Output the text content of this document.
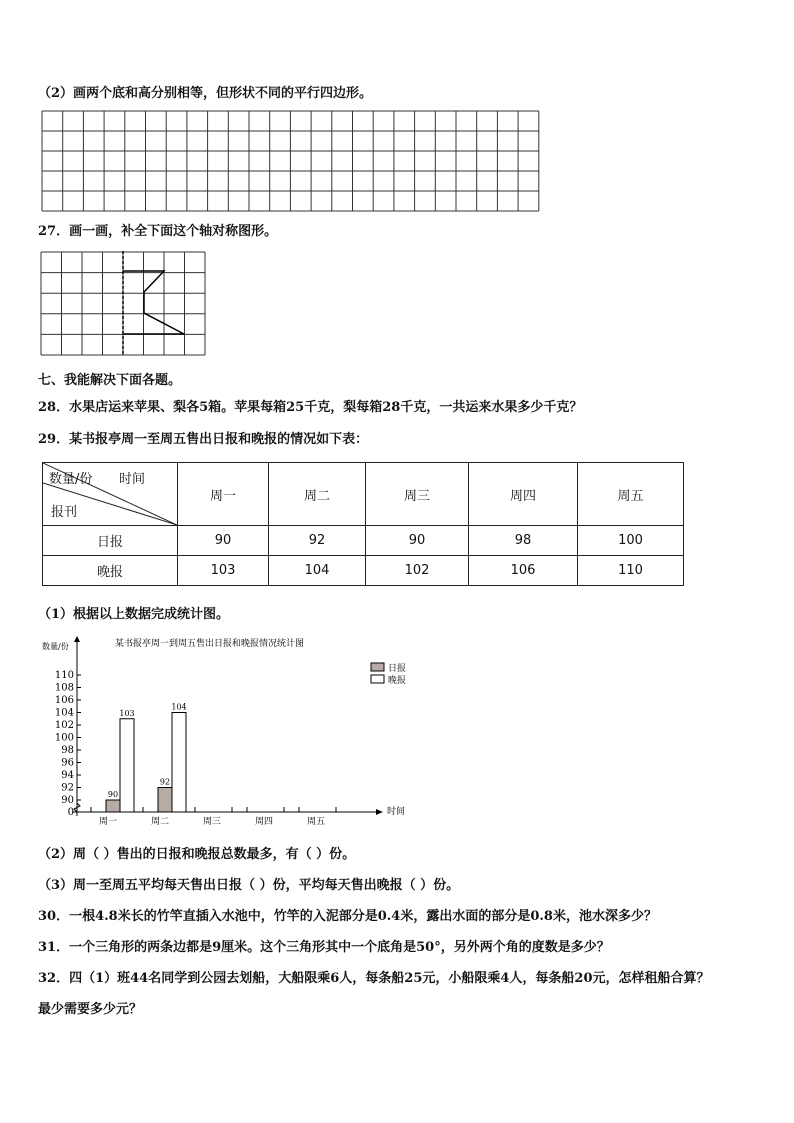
（2）画两个底和高分别相等，但形状不同的平行四边形。
27．画一画，补全下面这个轴对称图形。
七、我能解决下面各题。
28．水果店运来苹果、梨各5箱。苹果每箱25千克，梨每箱28千克，一共运来水果多少千克？
29．某书报亭周一至周五售出日报和晚报的情况如下表：
数量/份 时间
报刊	周一	周二	周三	周四	周五
日报	90	92	90	98	100
晚报	103	104	102	106	110
（1）根据以上数据完成统计图。
某书报亭周一到周五售出日报和晚报情况统计图
数量/份
时间
0
90
92
94
96
98
100
102
104
106
108
110
周一	周二	周三	周四	周五
90
92
103
104
日报
晚报
（2）周（ ）售出的日报和晚报总数最多，有（ ）份。
（3）周一至周五平均每天售出日报（ ）份，平均每天售出晚报（ ）份。
30．一根4.8米长的竹竿直插入水池中，竹竿的入泥部分是0.4米，露出水面的部分是0.8米，池水深多少？
31．一个三角形的两条边都是9厘米。这个三角形其中一个底角是50°，另外两个角的度数是多少？
32．四（1）班44名同学到公园去划船，大船限乘6人，每条船25元，小船限乘4人，每条船20元，怎样租船合算？
最少需要多少元？
